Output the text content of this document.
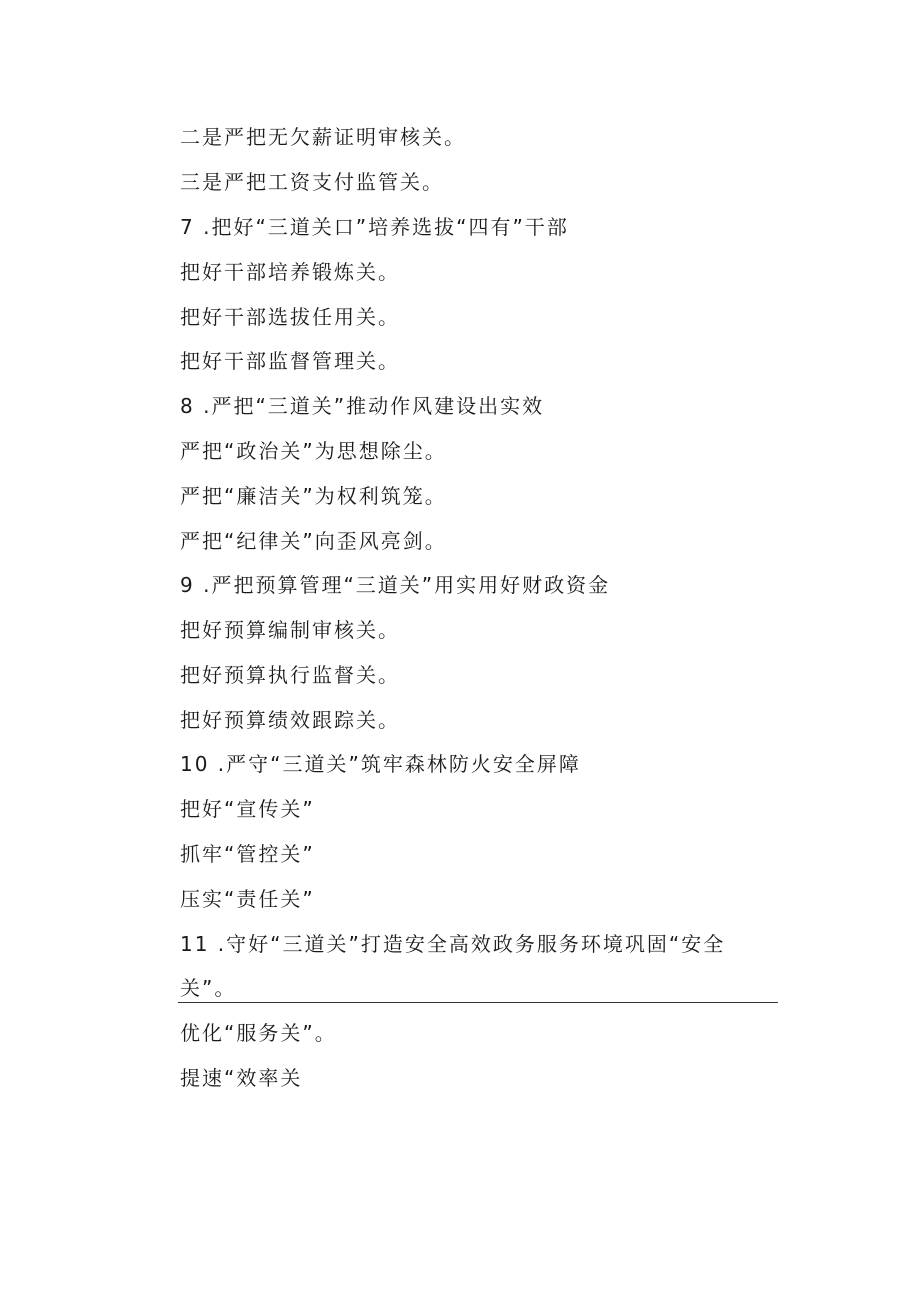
二是严把无欠薪证明审核关。
三是严把工资支付监管关。
7 .把好“三道关口”培养选拔“四有”干部
把好干部培养锻炼关。
把好干部选拔任用关。
把好干部监督管理关。
8 .严把“三道关”推动作风建设出实效
严把“政治关”为思想除尘。
严把“廉洁关”为权利筑笼。
严把“纪律关”向歪风亮剑。
9 .严把预算管理“三道关”用实用好财政资金
把好预算编制审核关。
把好预算执行监督关。
把好预算绩效跟踪关。
10 .严守“三道关”筑牢森林防火安全屏障
把好“宣传关”
抓牢“管控关”
压实“责任关”
11 .守好“三道关”打造安全高效政务服务环境巩固“安全
关”。
优化“服务关”。
提速“效率关
